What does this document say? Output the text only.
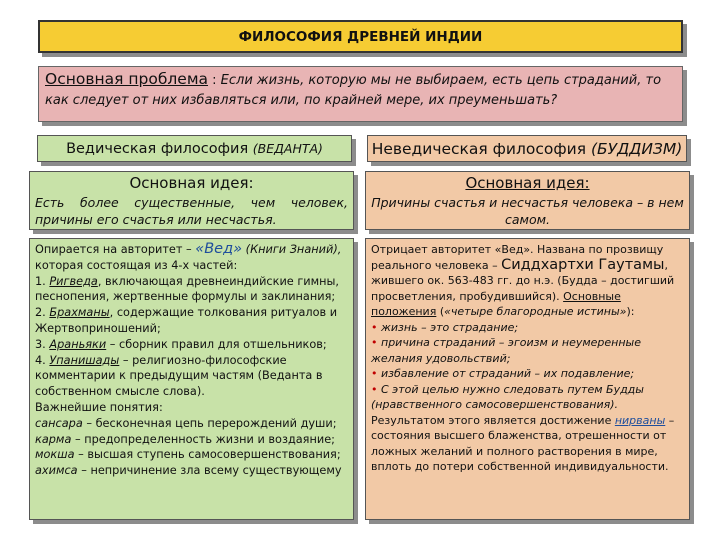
ФИЛОСОФИЯ ДРЕВНЕЙ ИНДИИ
Основная проблема : Если жизнь, которую мы не выбираем, есть цепь страданий, то как следует от них избавляться или, по крайней мере, их преуменьшать?
Ведическая философия
(ВЕДАНТА)	Неведическая философия
(БУДДИЗМ)
Основная идея:
Есть более существенные, чем человек, причины его счастья или несчастья.
Основная идея:
Причины счастья и несчастья человека – в нем самом.

Опирается на авторитет – «Вед» (Книги Знаний),

которая состоящая из 4-х частей:

1. Ригведа, включающая древнеиндийские гимны, песнопения, жертвенные формулы и заклинания;

2. Брахманы, содержащие толкования ритуалов и Жертвоприношений;

3. Араньяки – сборник правил для отшельников;

4. Упанишады – религиозно-философские комментарии к предыдущим частям (Веданта в собственном смысле слова).

Важнейшие понятия:

сансара – бесконечная цепь перерождений души;

карма – предопределенность жизни и воздаяние;

мокша – высшая ступень самосовершенствования;

ахимса – непричинение зла всему существующему

Отрицает авторитет «Вед». Названа по прозвищу реального человека – Сиддхартхи Гаутамы, жившего ок. 563-483 гг. до н.э. (Будда – достигший просветления, пробудившийся). Основные положения («четыре благородные истины»):

• жизнь – это страдание;

• причина страданий – эгоизм и неумеренные желания удовольствий;

• избавление от страданий – их подавление;

• С этой целью нужно следовать путем Будды (нравственного самосовершенствования).

Результатом этого является достижение нирваны – состояния высшего блаженства, отрешенности от ложных желаний и полного растворения в мире, вплоть до потери собственной индивидуальности.
